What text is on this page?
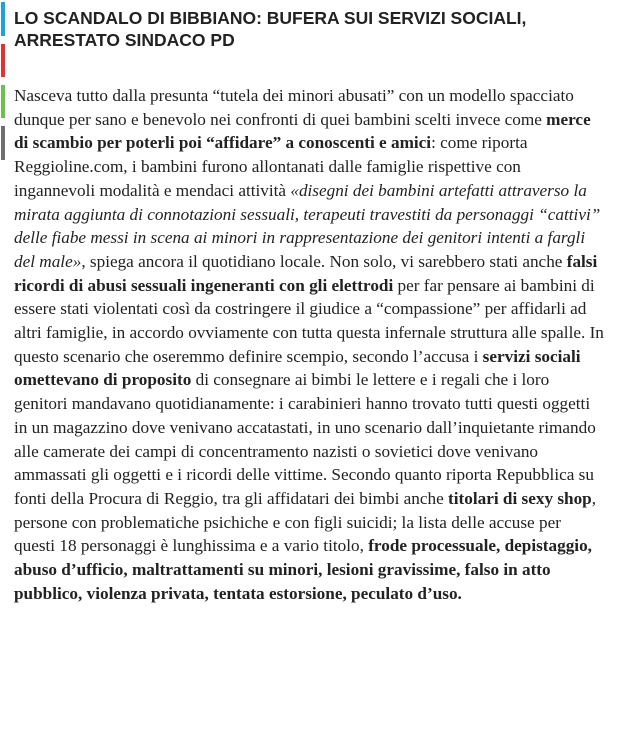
LO SCANDALO DI BIBBIANO: BUFERA SUI SERVIZI SOCIALI,
ARRESTATO SINDACO PD

Nasceva tutto dalla presunta “tutela dei minori abusati” con un modello spacciato dunque per sano e benevolo nei confronti di quei bambini scelti invece come merce di scambio per poterli poi “affidare” a conoscenti e amici: come riporta Reggioline.com, i bambini furono allontanati dalle famiglie rispettive con ingannevoli modalità e mendaci attività «disegni dei bambini artefatti attraverso la mirata aggiunta di connotazioni sessuali, terapeuti travestiti da personaggi “cattivi” delle fiabe messi in scena ai minori in rappresentazione dei genitori intenti a fargli del male», spiega ancora il quotidiano locale. Non solo, vi sarebbero stati anche falsi ricordi di abusi sessuali ingeneranti con gli elettrodi per far pensare ai bambini di essere stati violentati così da costringere il giudice a “compassione” per affidarli ad altri famiglie, in accordo ovviamente con tutta questa infernale struttura alle spalle. In questo scenario che oseremmo definire scempio, secondo l’accusa i servizi sociali omettevano di proposito di consegnare ai bimbi le lettere e i regali che i loro genitori mandavano quotidianamente: i carabinieri hanno trovato tutti questi oggetti in un magazzino dove venivano accatastati, in uno scenario dall’inquietante rimando alle camerate dei campi di concentramento nazisti o sovietici dove venivano ammassati gli oggetti e i ricordi delle vittime. Secondo quanto riporta Repubblica su fonti della Procura di Reggio, tra gli affidatari dei bimbi anche titolari di sexy shop, persone con problematiche psichiche e con figli suicidi; la lista delle accuse per questi 18 personaggi è lunghissima e a vario titolo, frode processuale, depistaggio, abuso d’ufficio, maltrattamenti su minori, lesioni gravissime, falso in atto pubblico, violenza privata, tentata estorsione, peculato d’uso.
